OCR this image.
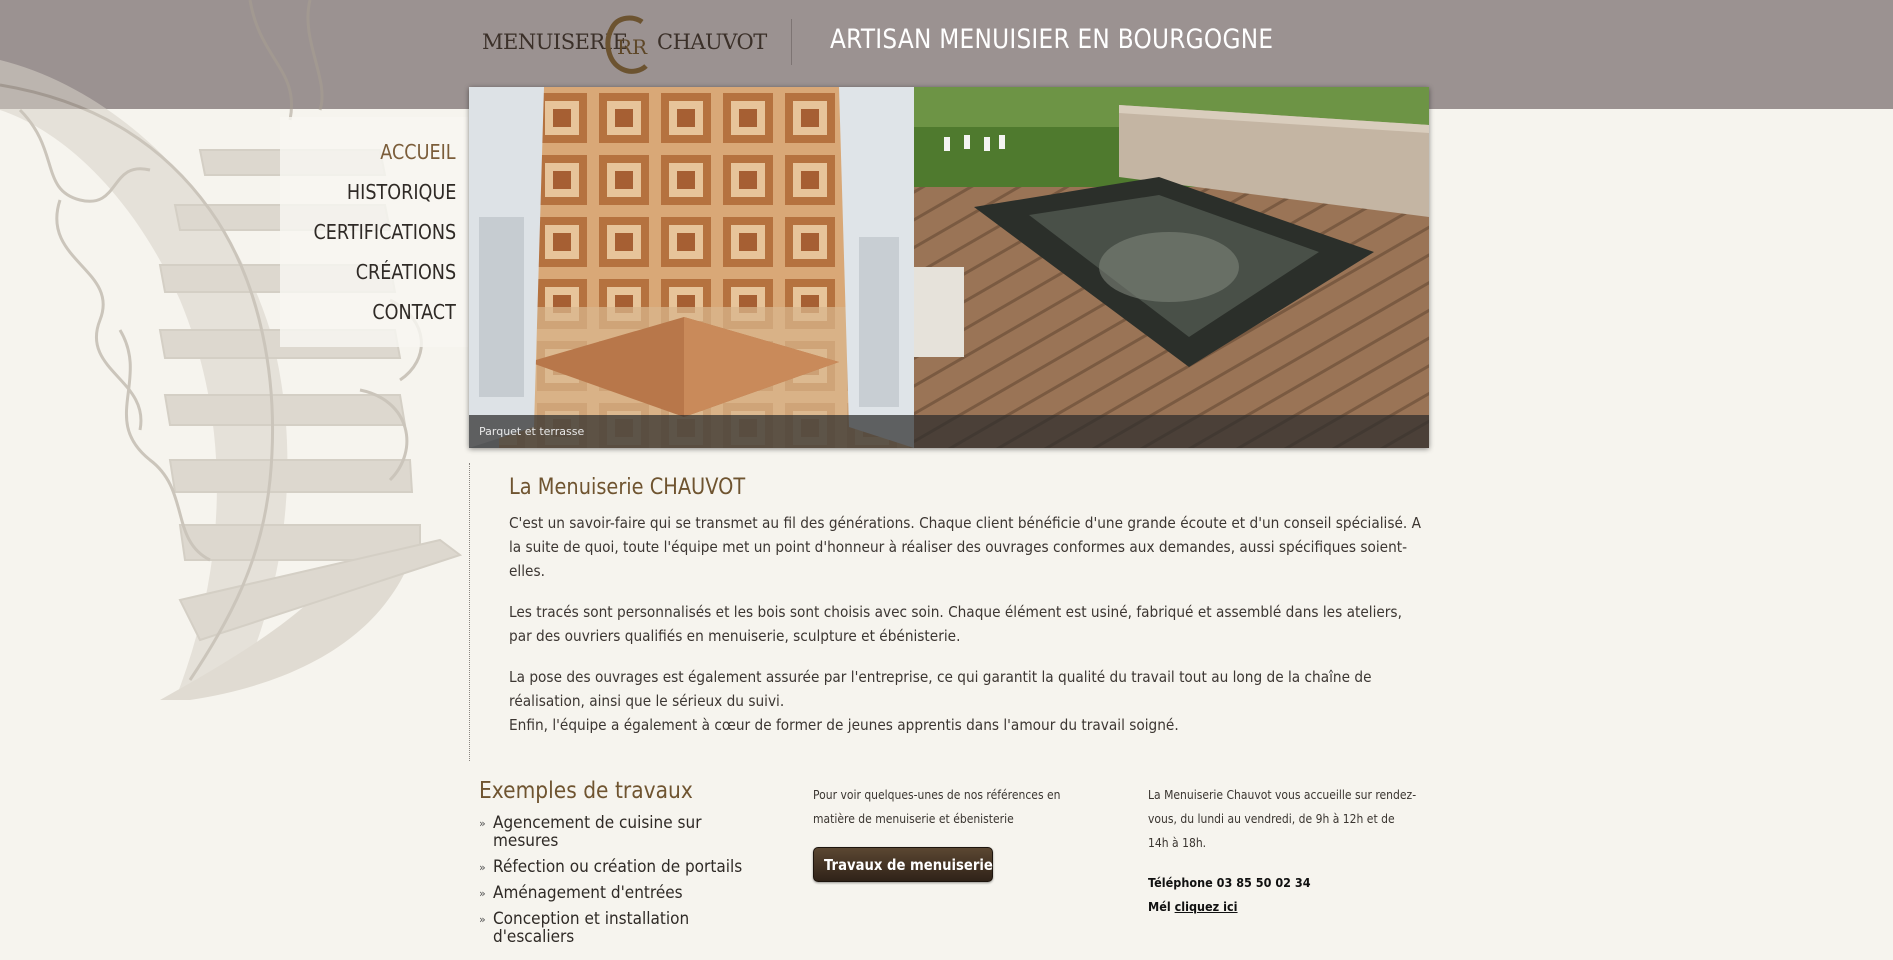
MENUISERIE
RR CHAUVOT ARTISAN MENUISIER EN BOURGOGNE
ACCUEIL
HISTORIQUE
CERTIFICATIONS
CRÉATIONS
CONTACT
Parquet et terrasse
La Menuiserie CHAUVOT

C'est un savoir-faire qui se transmet au fil des générations. Chaque client bénéficie d'une grande écoute et d'un conseil spécialisé. A la suite de quoi, toute l'équipe met un point d'honneur à réaliser des ouvrages conformes aux demandes, aussi spécifiques soient-elles.

Les tracés sont personnalisés et les bois sont choisis avec soin. Chaque élément est usiné, fabriqué et assemblé dans les ateliers, par des ouvriers qualifiés en menuiserie, sculpture et ébénisterie.

La pose des ouvrages est également assurée par l'entreprise, ce qui garantit la qualité du travail tout au long de la chaîne de réalisation, ainsi que le sérieux du suivi.

Enfin, l'équipe a également à cœur de former de jeunes apprentis dans l'amour du travail soigné.

Exemples de travaux
» Agencement de cuisine sur mesures
» Réfection ou création de portails
» Aménagement d'entrées
» Conception et installation d'escaliers

Pour voir quelques-unes de nos références en matière de menuiserie et ébenisterie

Travaux de menuiserie

La Menuiserie Chauvot vous accueille sur rendez-vous, du lundi au vendredi, de 9h à 12h et de 14h à 18h.

Téléphone 03 85 50 02 34
Mél cliquez ici
